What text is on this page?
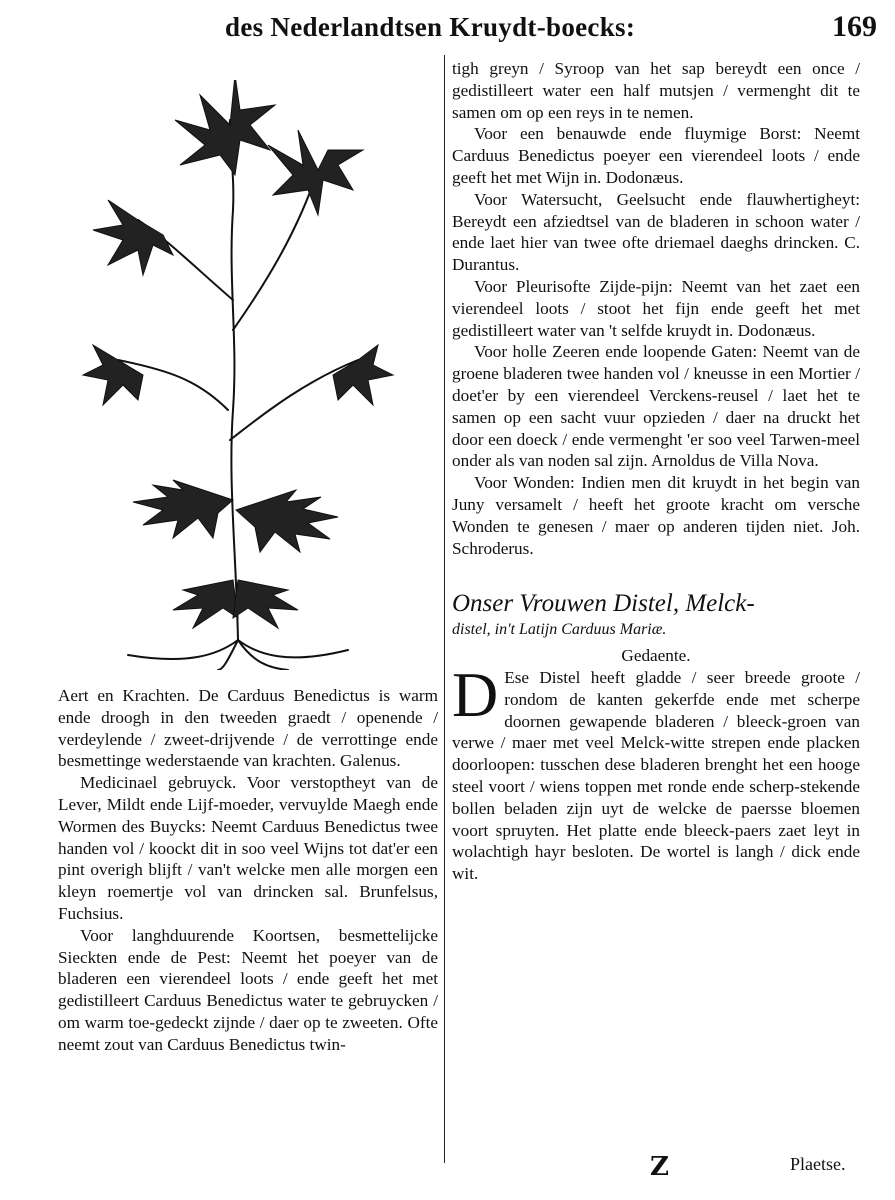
des Nederlandtsen Kruydt-boecks:	169

Aert en Krachten. De Carduus Benedictus is warm ende droogh in den tweeden graedt / openende / verdeylende / zweet-drijvende / de verrottinge ende besmettinge wederstaende van krachten. Galenus.

Medicinael gebruyck. Voor verstoptheyt van de Lever, Mildt ende Lijf-moeder, vervuylde Maegh ende Wormen des Buycks: Neemt Carduus Benedictus twee handen vol / koockt dit in soo veel Wijns tot dat'er een pint overigh blijft / van't welcke men alle morgen een kleyn roemertje vol van drincken sal. Brunfelsus, Fuchsius.

Voor langhduurende Koortsen, besmettelijcke Sieckten ende de Pest: Neemt het poeyer van de bladeren een vierendeel loots / ende geeft het met gedistilleert Carduus Benedictus water te gebruycken / om warm toe-gedeckt zijnde / daer op te zweeten. Ofte neemt zout van Carduus Benedictus twin-

tigh greyn / Syroop van het sap bereydt een once / gedistilleert water een half mutsjen / vermenght dit te samen om op een reys in te nemen.

Voor een benauwde ende fluymige Borst: Neemt Carduus Benedictus poeyer een vierendeel loots / ende geeft het met Wijn in. Dodonæus.

Voor Watersucht, Geelsucht ende flauwhertigheyt: Bereydt een afziedtsel van de bladeren in schoon water / ende laet hier van twee ofte driemael daeghs drincken. C. Durantus.

Voor Pleurisofte Zijde-pijn: Neemt van het zaet een vierendeel loots / stoot het fijn ende geeft het met gedistilleert water van 't selfde kruydt in. Dodonæus.

Voor holle Zeeren ende loopende Gaten: Neemt van de groene bladeren twee handen vol / kneusse in een Mortier / doet'er by een vierendeel Verckens-reusel / laet het te samen op een sacht vuur opzieden / daer na druckt het door een doeck / ende vermenght 'er soo veel Tarwen-meel onder als van noden sal zijn. Arnoldus de Villa Nova.

Voor Wonden: Indien men dit kruydt in het begin van Juny versamelt / heeft het groote kracht om versche Wonden te genesen / maer op anderen tijden niet. Joh. Schroderus.

Onser Vrouwen Distel, Melck-

distel, in't Latijn Carduus Mariæ.

Gedaente.

D Ese Distel heeft gladde / seer breede groote / rondom de kanten gekerfde ende met scherpe doornen gewapende bladeren / bleeck-groen van verwe / maer met veel Melck-witte strepen ende placken doorloopen: tusschen dese bladeren brenght het een hooge steel voort / wiens toppen met ronde ende scherp-stekende bollen beladen zijn uyt de welcke de paersse bloemen voort spruyten. Het platte ende bleeck-paers zaet leyt in wolachtigh hayr besloten. De wortel is langh / dick ende wit.

Z	Plaetse.
